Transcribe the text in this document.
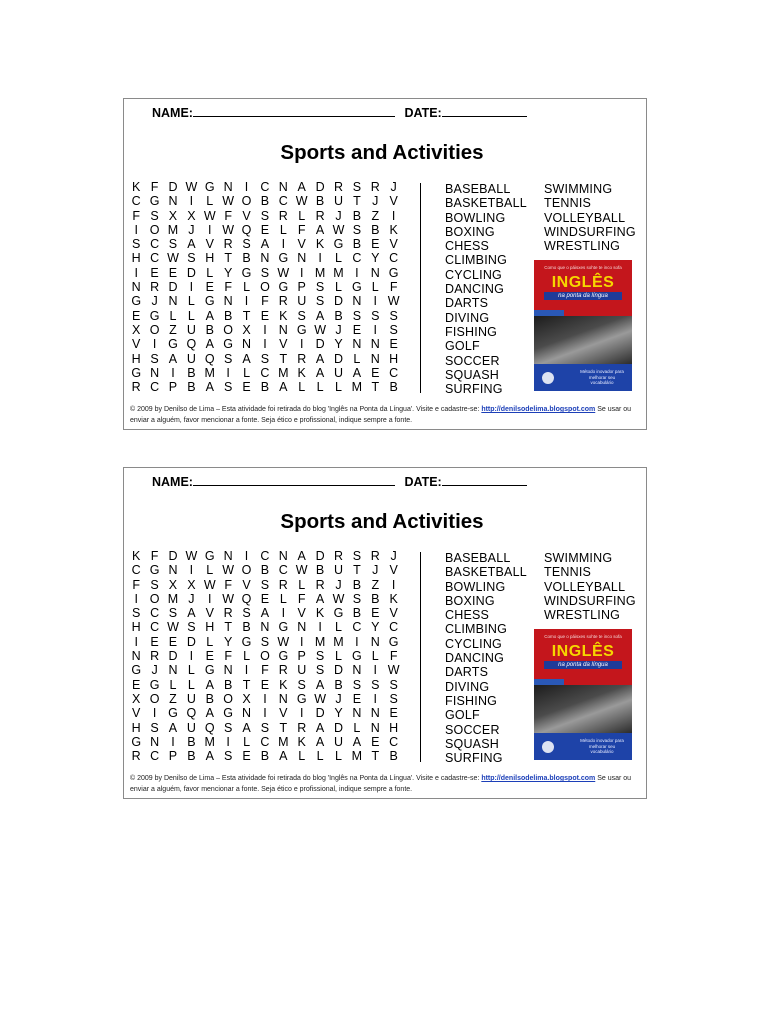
NAME:	DATE:
Sports and Activities
K F D W G N I C N A D R S R J
C G N I	L W O B C W B U T J V
F S X X W F V S R L R J B Z	I
I O M J	I W Q E L F A W S B K
S C S A V R S A I V K G B E V
H C W S H T B N G N I	L C Y C
I E E D L Y G S W I M M I N G
N R D I E F L O G P S L G L F
G J N L G N I	F R U S D N I W
E G L L A B T E K S A B S S S
X O Z U B O X I N G W J E I S
V I G Q A G N I V I D Y N N E
H S A U Q S A S T R A D L N H
G N I B M I	L C M K A U A E C
R C P B A S E B A L L L M T B
BASEBALL
BASKETBALL
BOWLING
BOXING
CHESS
CLIMBING
CYCLING
DANCING
DARTS
DIVING
FISHING
GOLF
SOCCER
SQUASH
SURFING
SWIMMING
TENNIS
VOLLEYBALL
WINDSURFING
WRESTLING
Como que o páisxes sohte te inco sofa
INGLÊS
na ponta da língua
Método inovador para melhorar seu vocabulário
© 2009 by Denilso de Lima – Esta atividade foi retirada do blog 'Inglês na Ponta da Língua'. Visite e cadastre-se: http://denilsodelima.blogspot.com Se usar ou enviar a alguém, favor mencionar a fonte. Seja ético e profissional, indique sempre a fonte.
NAME:	DATE:
Sports and Activities
K F D W G N I C N A D R S R J
C G N I	L W O B C W B U T J V
F S X X W F V S R L R J B Z	I
I O M J	I W Q E L F A W S B K
S C S A V R S A I V K G B E V
H C W S H T B N G N I	L C Y C
I E E D L Y G S W I M M I N G
N R D I E F L O G P S L G L F
G J N L G N I	F R U S D N I W
E G L L A B T E K S A B S S S
X O Z U B O X I N G W J E I S
V I G Q A G N I V I D Y N N E
H S A U Q S A S T R A D L N H
G N I B M I	L C M K A U A E C
R C P B A S E B A L L L M T B
BASEBALL
BASKETBALL
BOWLING
BOXING
CHESS
CLIMBING
CYCLING
DANCING
DARTS
DIVING
FISHING
GOLF
SOCCER
SQUASH
SURFING
SWIMMING
TENNIS
VOLLEYBALL
WINDSURFING
WRESTLING
Como que o páisxes sohte te inco sofa
INGLÊS
na ponta da língua
Método inovador para melhorar seu vocabulário
© 2009 by Denilso de Lima – Esta atividade foi retirada do blog 'Inglês na Ponta da Língua'. Visite e cadastre-se: http://denilsodelima.blogspot.com Se usar ou enviar a alguém, favor mencionar a fonte. Seja ético e profissional, indique sempre a fonte.
